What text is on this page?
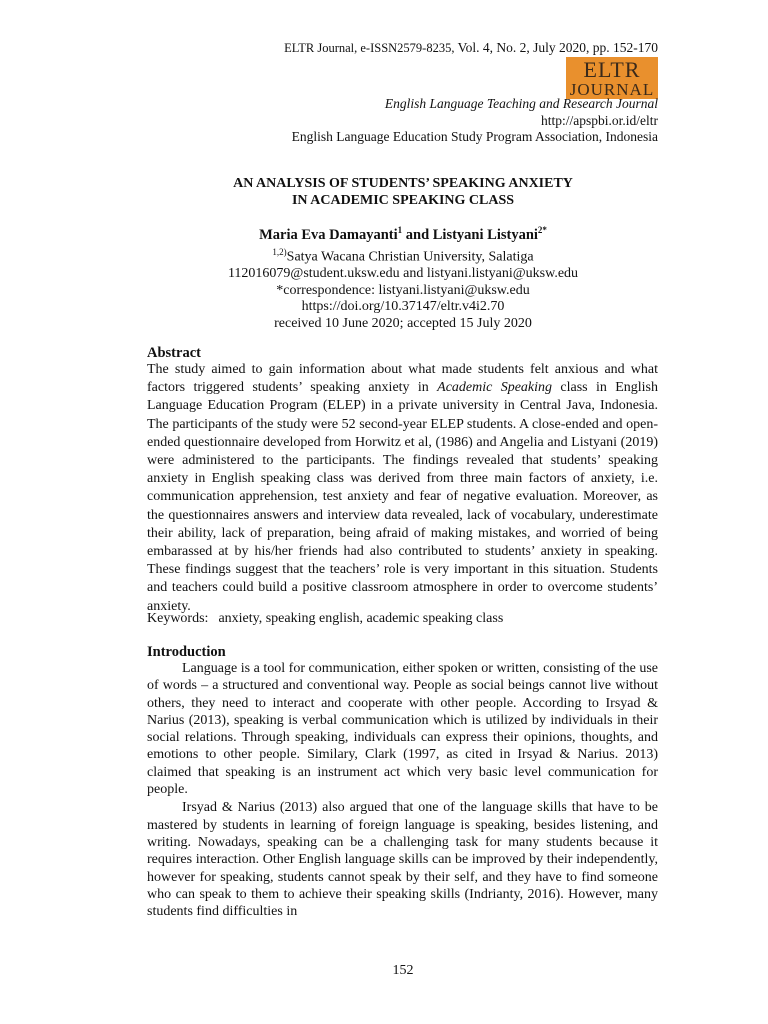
ELTR Journal, e-ISSN2579-8235, Vol. 4, No. 2, July 2020, pp. 152-170
ELTR
JOURNAL
English Language Teaching and Research Journal
http://apspbi.or.id/eltr
English Language Education Study Program Association, Indonesia
AN ANALYSIS OF STUDENTS’ SPEAKING ANXIETY
IN ACADEMIC SPEAKING CLASS
Maria Eva Damayanti$^1$ and Listyani Listyani$^{2*}$
$^{1,2)}$Satya Wacana Christian University, Salatiga
112016079@student.uksw.edu and listyani.listyani@uksw.edu
*correspondence: listyani.listyani@uksw.edu
https://doi.org/10.37147/eltr.v4i2.70
received 10 June 2020; accepted 15 July 2020
Abstract

The study aimed to gain information about what made students felt anxious and what factors triggered students’ speaking anxiety in Academic Speaking class in English Language Education Program (ELEP) in a private university in Central Java, Indonesia. The participants of the study were 52 second-year ELEP students. A close-ended and open-ended questionnaire developed from Horwitz et al, (1986) and Angelia and Listyani (2019) were administered to the participants. The findings revealed that students’ speaking anxiety in English speaking class was derived from three main factors of anxiety, i.e. communication apprehension, test anxiety and fear of negative evaluation. Moreover, as the questionnaires answers and interview data revealed, lack of vocabulary, underestimate their ability, lack of preparation, being afraid of making mistakes, and worried of being embarassed at by his/her friends had also contributed to students’ anxiety in speaking. These findings suggest that the teachers’ role is very important in this situation. Students and teachers could build a positive classroom atmosphere in order to overcome students’ anxiety.

Keywords: anxiety, speaking english, academic speaking class
Introduction

Language is a tool for communication, either spoken or written, consisting of the use of words – a structured and conventional way. People as social beings cannot live without others, they need to interact and cooperate with other people. According to Irsyad & Narius (2013), speaking is verbal communication which is utilized by individuals in their social relations. Through speaking, individuals can express their opinions, thoughts, and emotions to other people. Similary, Clark (1997, as cited in Irsyad & Narius. 2013) claimed that speaking is an instrument act which very basic level communication for people.

Irsyad & Narius (2013) also argued that one of the language skills that have to be mastered by students in learning of foreign language is speaking, besides listening, and writing. Nowadays, speaking can be a challenging task for many students because it requires interaction. Other English language skills can be improved by their independently, however for speaking, students cannot speak by their self, and they have to find someone who can speak to them to achieve their speaking skills (Indrianty, 2016). However, many students find difficulties in

152
